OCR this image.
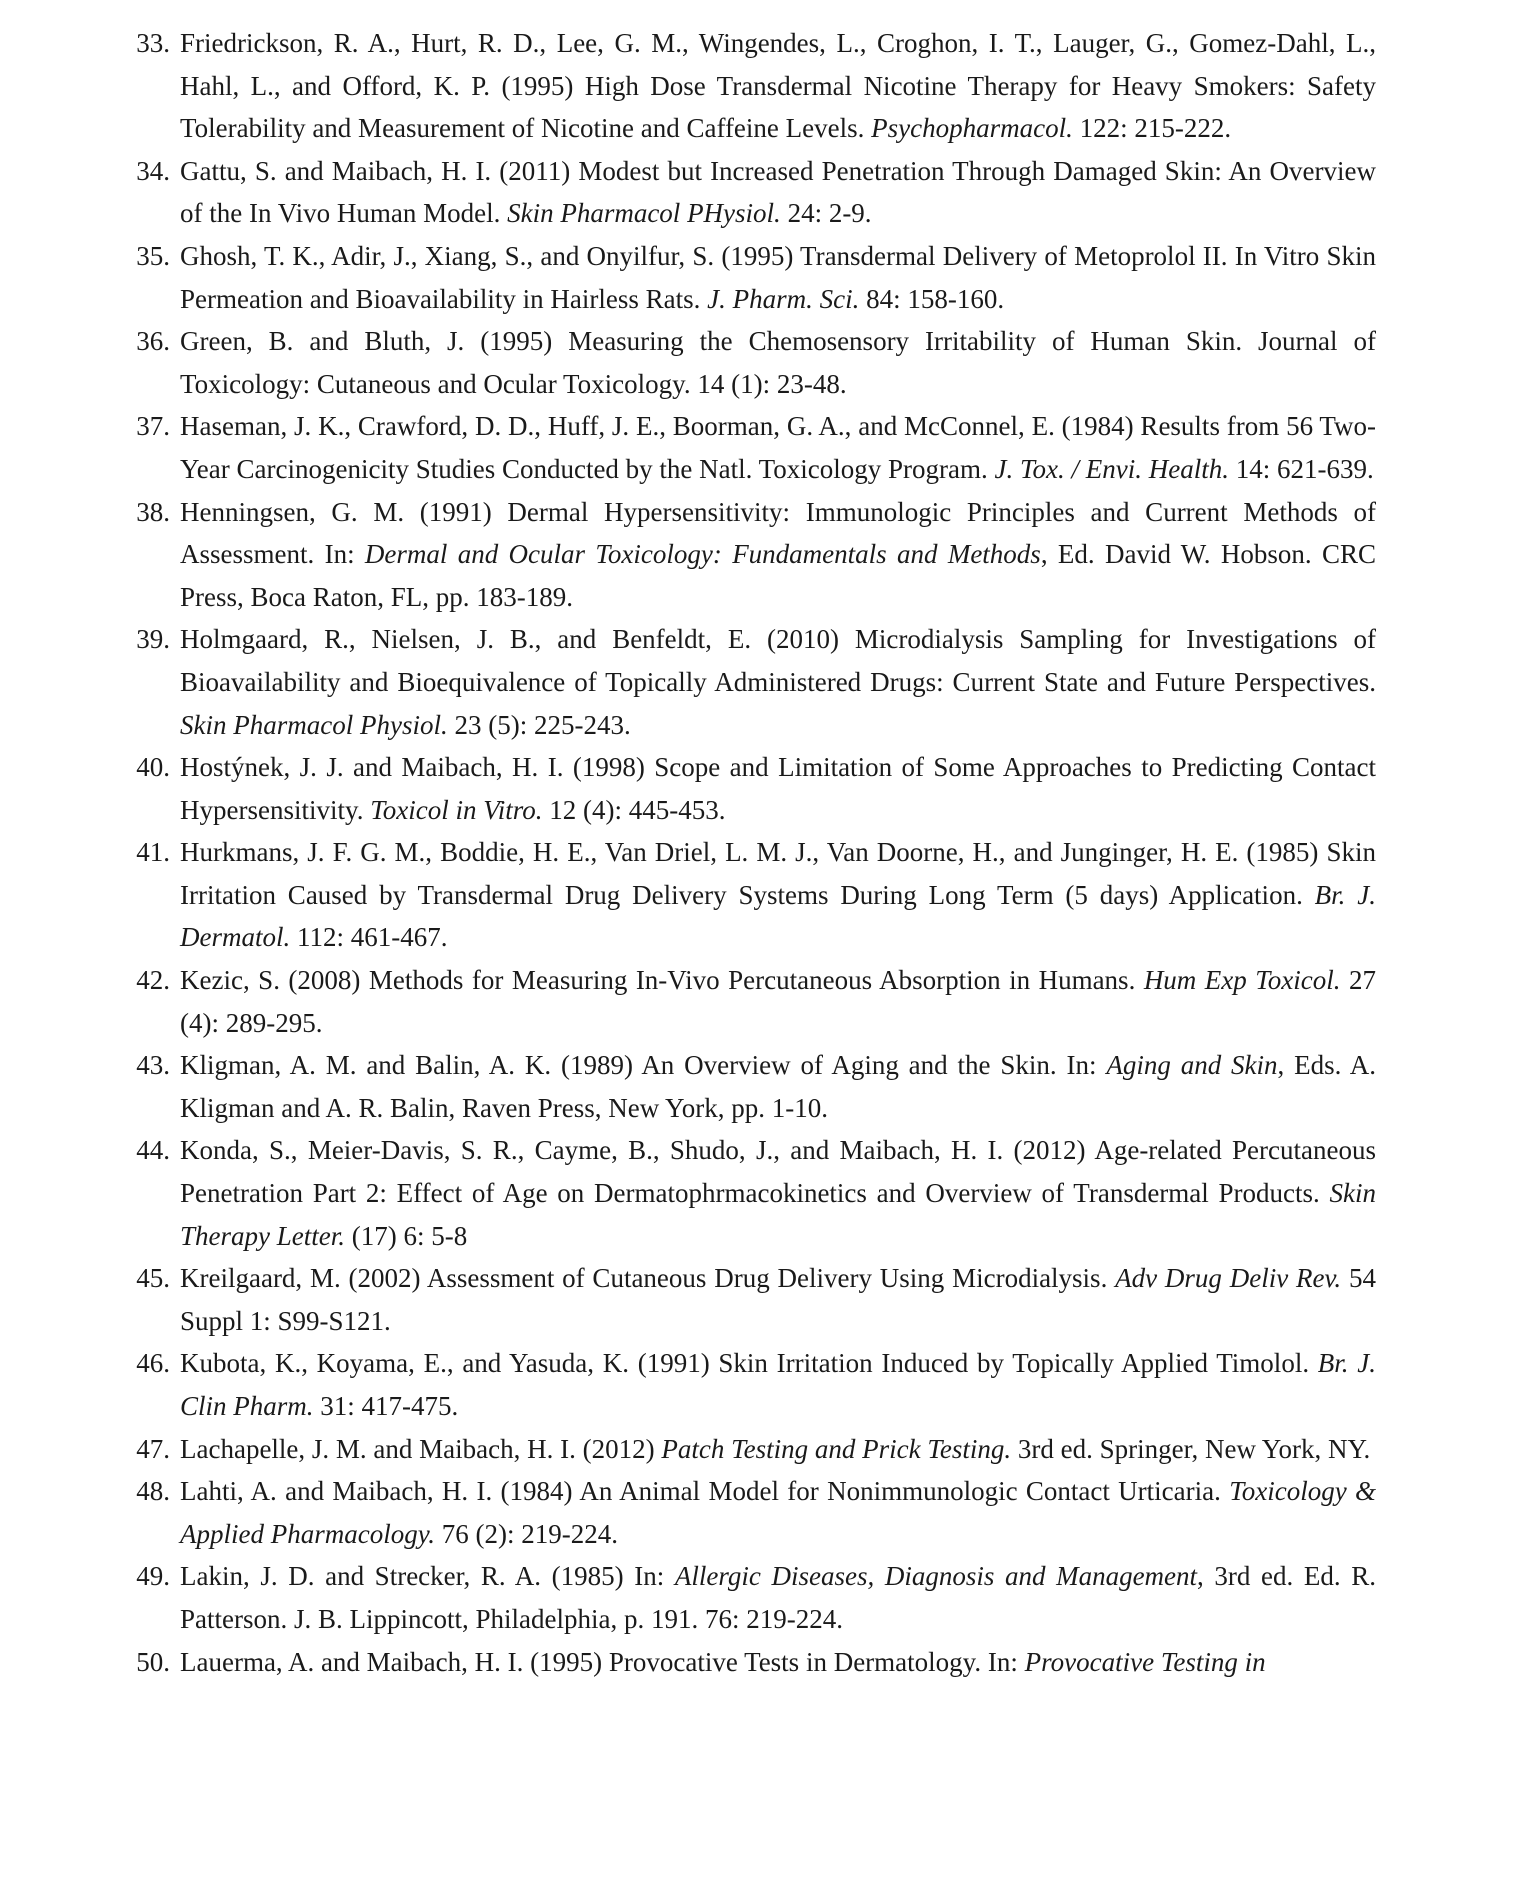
33 . Friedrickson, R. A., Hurt, R. D., Lee, G. M., Wingendes, L., Croghon, I. T., Lauger, G., Gomez-Dahl, L., Hahl, L., and Offord, K. P. (1995) High Dose Transdermal Nicotine Therapy for Heavy Smokers: Safety Tolerability and Measurement of Nicotine and Caffeine Levels. Psychopharmacol. 122: 215-222.
34 . Gattu, S. and Maibach, H. I. (2011) Modest but Increased Penetration Through Damaged Skin: An Overview of the In Vivo Human Model. Skin Pharmacol PHysiol. 24: 2-9.
35 . Ghosh, T. K., Adir, J., Xiang, S., and Onyilfur, S. (1995) Transdermal Delivery of Metoprolol II. In Vitro Skin Permeation and Bioavailability in Hairless Rats. J. Pharm. Sci. 84: 158-160.
36 . Green, B. and Bluth, J. (1995) Measuring the Chemosensory Irritability of Human Skin. Journal of Toxicology: Cutaneous and Ocular Toxicology. 14 (1): 23-48.
37 . Haseman, J. K., Crawford, D. D., Huff, J. E., Boorman, G. A., and McConnel, E. (1984) Results from 56 Two-Year Carcinogenicity Studies Conducted by the Natl. Toxicology Program. J. Tox. / Envi. Health. 14: 621-639.
38 . Henningsen, G. M. (1991) Dermal Hypersensitivity: Immunologic Principles and Current Methods of Assessment. In: Dermal and Ocular Toxicology: Fundamentals and Methods, Ed. David W. Hobson. CRC Press, Boca Raton, FL, pp. 183-189.
39 . Holmgaard, R., Nielsen, J. B., and Benfeldt, E. (2010) Microdialysis Sampling for Investigations of Bioavailability and Bioequivalence of Topically Administered Drugs: Current State and Future Perspectives. Skin Pharmacol Physiol. 23 (5): 225-243.
40 . Hostýnek, J. J. and Maibach, H. I. (1998) Scope and Limitation of Some Approaches to Predicting Contact Hypersensitivity. Toxicol in Vitro. 12 (4): 445-453.
41 . Hurkmans, J. F. G. M., Boddie, H. E., Van Driel, L. M. J., Van Doorne, H., and Junginger, H. E. (1985) Skin Irritation Caused by Transdermal Drug Delivery Systems During Long Term (5 days) Application. Br. J. Dermatol. 112: 461-467.
42 . Kezic, S. (2008) Methods for Measuring In-Vivo Percutaneous Absorption in Humans. Hum Exp Toxicol. 27 (4): 289-295.
43 . Kligman, A. M. and Balin, A. K. (1989) An Overview of Aging and the Skin. In: Aging and Skin, Eds. A. Kligman and A. R. Balin, Raven Press, New York, pp. 1-10.
44 . Konda, S., Meier-Davis, S. R., Cayme, B., Shudo, J., and Maibach, H. I. (2012) Age-related Percutaneous Penetration Part 2: Effect of Age on Dermatophrmacokinetics and Overview of Transdermal Products. Skin Therapy Letter. (17) 6: 5-8
45 . Kreilgaard, M. (2002) Assessment of Cutaneous Drug Delivery Using Microdialysis. Adv Drug Deliv Rev. 54 Suppl 1: S99-S121.
46 . Kubota, K., Koyama, E., and Yasuda, K. (1991) Skin Irritation Induced by Topically Applied Timolol. Br. J. Clin Pharm. 31: 417-475.
47 . Lachapelle, J. M. and Maibach, H. I. (2012) Patch Testing and Prick Testing. 3rd ed. Springer, New York, NY.
48 . Lahti, A. and Maibach, H. I. (1984) An Animal Model for Nonimmunologic Contact Urticaria. Toxicology & Applied Pharmacology. 76 (2): 219-224.
49 . Lakin, J. D. and Strecker, R. A. (1985) In: Allergic Diseases, Diagnosis and Management, 3rd ed. Ed. R. Patterson. J. B. Lippincott, Philadelphia, p. 191. 76: 219-224.
50 . Lauerma, A. and Maibach, H. I. (1995) Provocative Tests in Dermatology. In: Provocative Testing in
